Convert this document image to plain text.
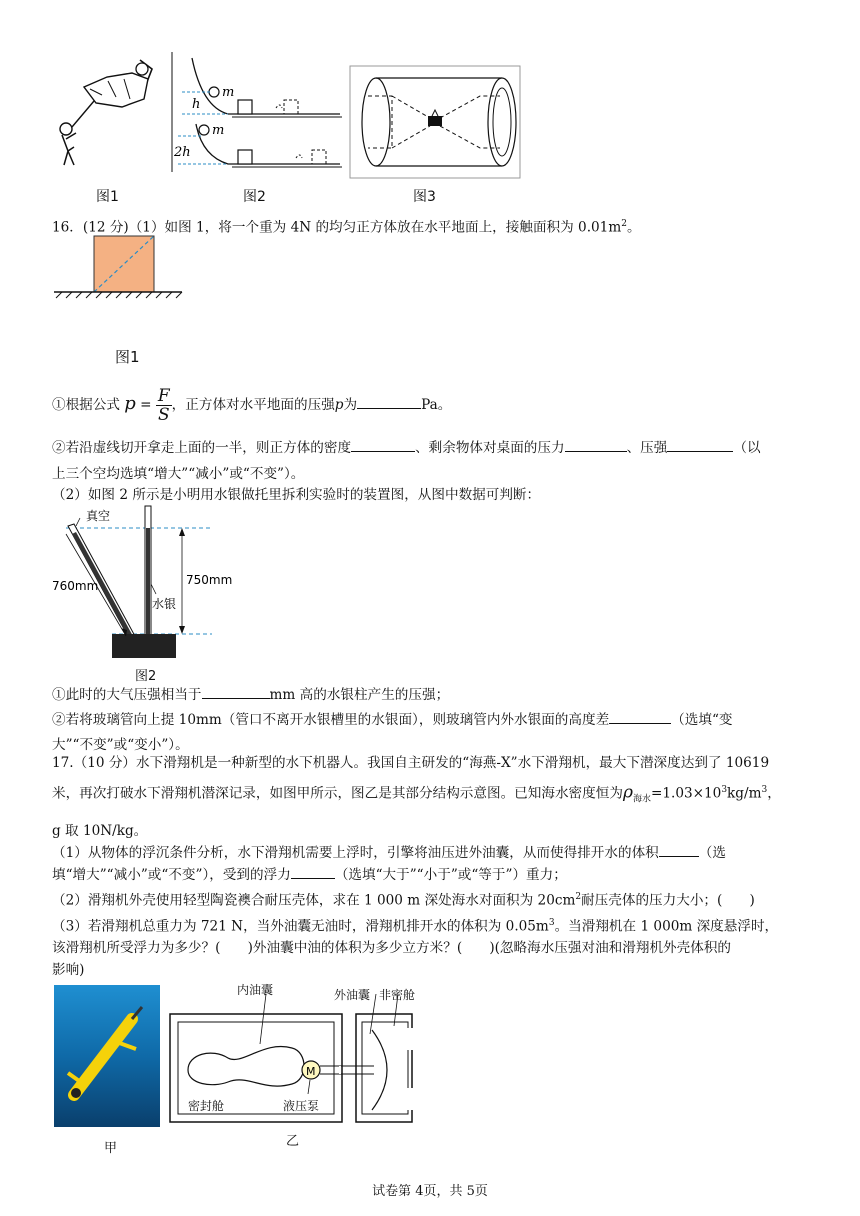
m
h
m
2h
图1	图2	图3
16．(12 分)（1）如图 1，将一个重为 4N 的均匀正方体放在水平地面上，接触面积为 $0.01m^2$。
图1
①根据公式 $p = \frac{F}{S}$ ，正方体对水平地面的压强p为	Pa。
②若沿虚线切开拿走上面的一半，则正方体的密度	、剩余物体对桌面的压力	、压强	（以
上三个空均选填“增大”“减小”或“不变”）。
（2）如图 2 所示是小明用水银做托里拆利实验时的装置图，从图中数据可判断：
真空
760mm	750mm
水银
图2
①此时的大气压强相当于	mm 高的水银柱产生的压强；
②若将玻璃管向上提 10mm（管口不离开水银槽里的水银面），则玻璃管内外水银面的高度差	（选填“变
大”“不变”或“变小”）。
17.（10 分）水下滑翔机是一种新型的水下机器人。我国自主研发的“海燕-X”水下滑翔机，最大下潜深度达到了 10619
米，再次打破水下滑翔机潜深记录，如图甲所示，图乙是其部分结构示意图。已知海水密度恒为$\rho_{海水}=1.03\times 10^3kg/m^3$，
g 取 10N/kg。
（1）从物体的浮沉条件分析，水下滑翔机需要上浮时，引擎将油压进外油囊，从而使得排开水的体积	（选
填“增大”“减小”或“不变”），受到的浮力	（选填“大于”“小于”或“等于”）重力；
（2）滑翔机外壳使用轻型陶瓷襖合耐压壳体，求在 1 000 m 深处海水对面积为 $20cm^2$耐压壳体的压力大小；(　　)
（3）若滑翔机总重力为 721 N，当外油囊无油时，滑翔机排开水的体积为 $0.05m^3$。当滑翔机在 1 000m 深度悬浮时，
该滑翔机所受浮力为多少？(　　)外油囊中油的体积为多少立方米？(　　)(忽略海水压强对油和滑翔机外壳体积的
影响)
甲
M
内油囊	外油囊 非密舱
密封舱	液压泵
乙
试卷第 4页，共 5页
